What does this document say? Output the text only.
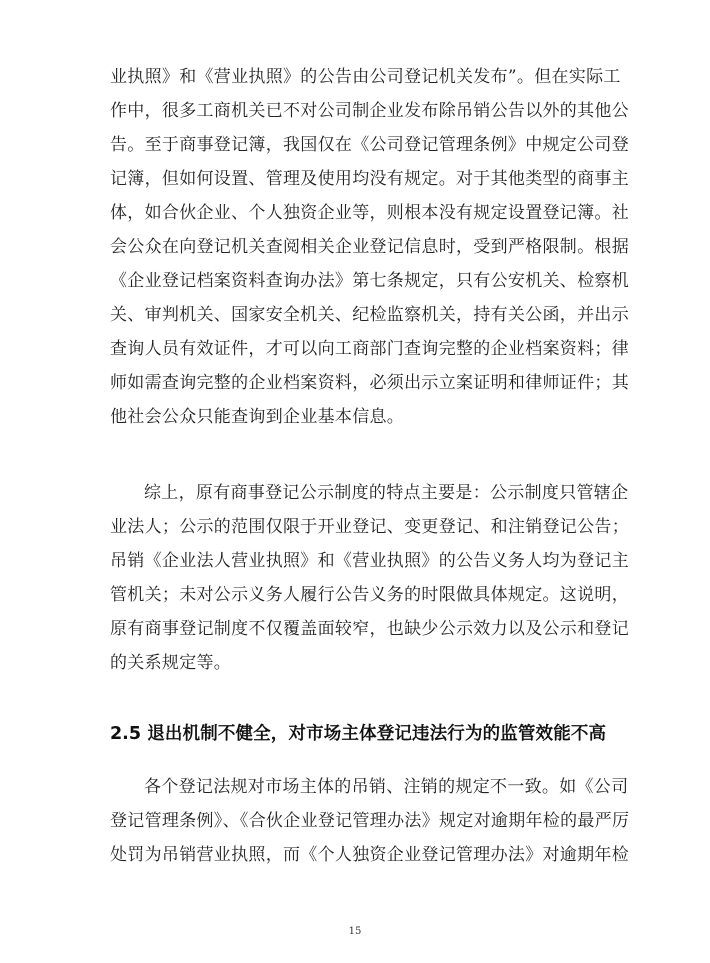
业执照》和《营业执照》的公告由公司登记机关发布”。但在实际工
作中，很多工商机关已不对公司制企业发布除吊销公告以外的其他公
告。至于商事登记簿，我国仅在《公司登记管理条例》中规定公司登
记簿，但如何设置、管理及使用均没有规定。对于其他类型的商事主
体，如合伙企业、个人独资企业等，则根本没有规定设置登记簿。社
会公众在向登记机关查阅相关企业登记信息时，受到严格限制。根据
《企业登记档案资料查询办法》第七条规定，只有公安机关、检察机
关、审判机关、国家安全机关、纪检监察机关，持有关公函，并出示
查询人员有效证件，才可以向工商部门查询完整的企业档案资料；律
师如需查询完整的企业档案资料，必须出示立案证明和律师证件；其
他社会公众只能查询到企业基本信息。
综上，原有商事登记公示制度的特点主要是：公示制度只管辖企
业法人；公示的范围仅限于开业登记、变更登记、和注销登记公告；
吊销《企业法人营业执照》和《营业执照》的公告义务人均为登记主
管机关；未对公示义务人履行公告义务的时限做具体规定。这说明，
原有商事登记制度不仅覆盖面较窄，也缺少公示效力以及公示和登记
的关系规定等。
2.5 退出机制不健全，对市场主体登记违法行为的监管效能不高
各个登记法规对市场主体的吊销、注销的规定不一致。如《公司
登记管理条例》、《合伙企业登记管理办法》规定对逾期年检的最严厉
处罚为吊销营业执照，而《个人独资企业登记管理办法》对逾期年检
15
